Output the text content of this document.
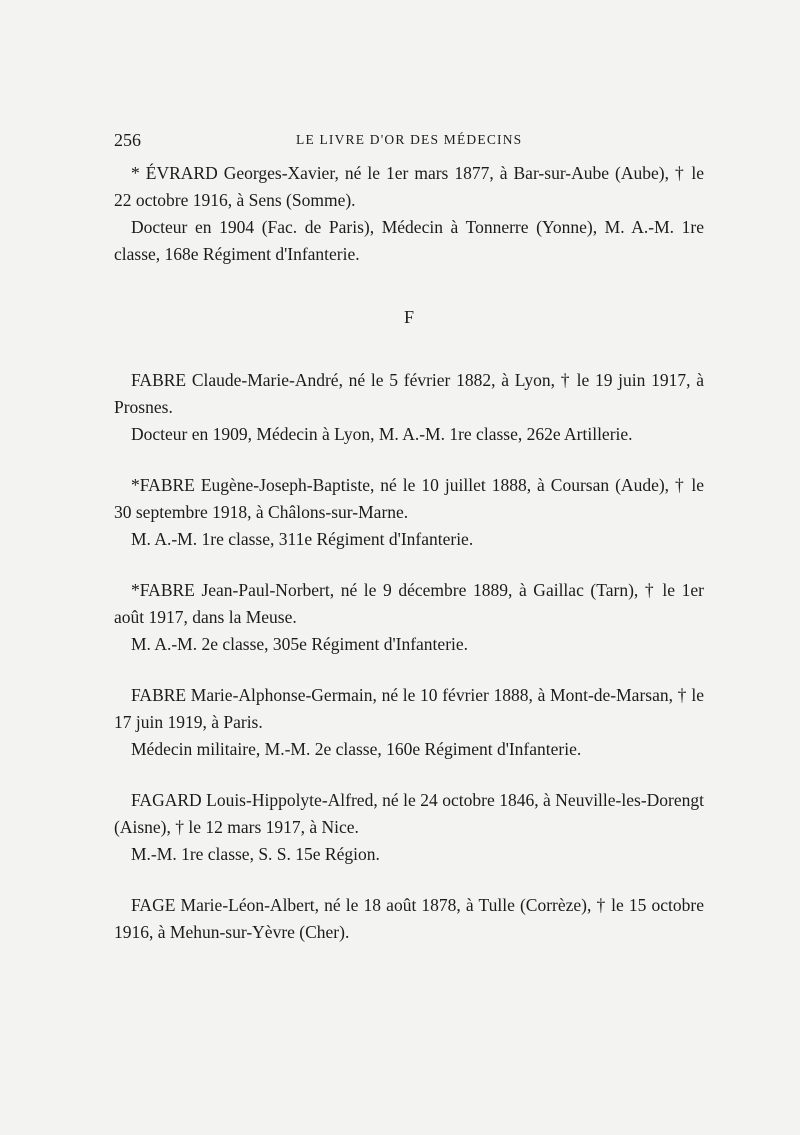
256	LE LIVRE D'OR DES MÉDECINS

* ÉVRARD Georges-Xavier, né le 1er mars 1877, à Bar-sur-Aube (Aube), † le 22 octobre 1916, à Sens (Somme).

Docteur en 1904 (Fac. de Paris), Médecin à Tonnerre (Yonne), M. A.-M. 1re classe, 168e Régiment d'Infanterie.

F

FABRE Claude-Marie-André, né le 5 février 1882, à Lyon, † le 19 juin 1917, à Prosnes.

Docteur en 1909, Médecin à Lyon, M. A.-M. 1re classe, 262e Artillerie.

*FABRE Eugène-Joseph-Baptiste, né le 10 juillet 1888, à Coursan (Aude), † le 30 septembre 1918, à Châlons-sur-Marne.

M. A.-M. 1re classe, 311e Régiment d'Infanterie.

*FABRE Jean-Paul-Norbert, né le 9 décembre 1889, à Gaillac (Tarn), † le 1er août 1917, dans la Meuse.

M. A.-M. 2e classe, 305e Régiment d'Infanterie.

FABRE Marie-Alphonse-Germain, né le 10 février 1888, à Mont-de-Marsan, † le 17 juin 1919, à Paris.

Médecin militaire, M.-M. 2e classe, 160e Régiment d'Infanterie.

FAGARD Louis-Hippolyte-Alfred, né le 24 octobre 1846, à Neuville-les-Dorengt (Aisne), † le 12 mars 1917, à Nice.

M.-M. 1re classe, S. S. 15e Région.

FAGE Marie-Léon-Albert, né le 18 août 1878, à Tulle (Corrèze), † le 15 octobre 1916, à Mehun-sur-Yèvre (Cher).
